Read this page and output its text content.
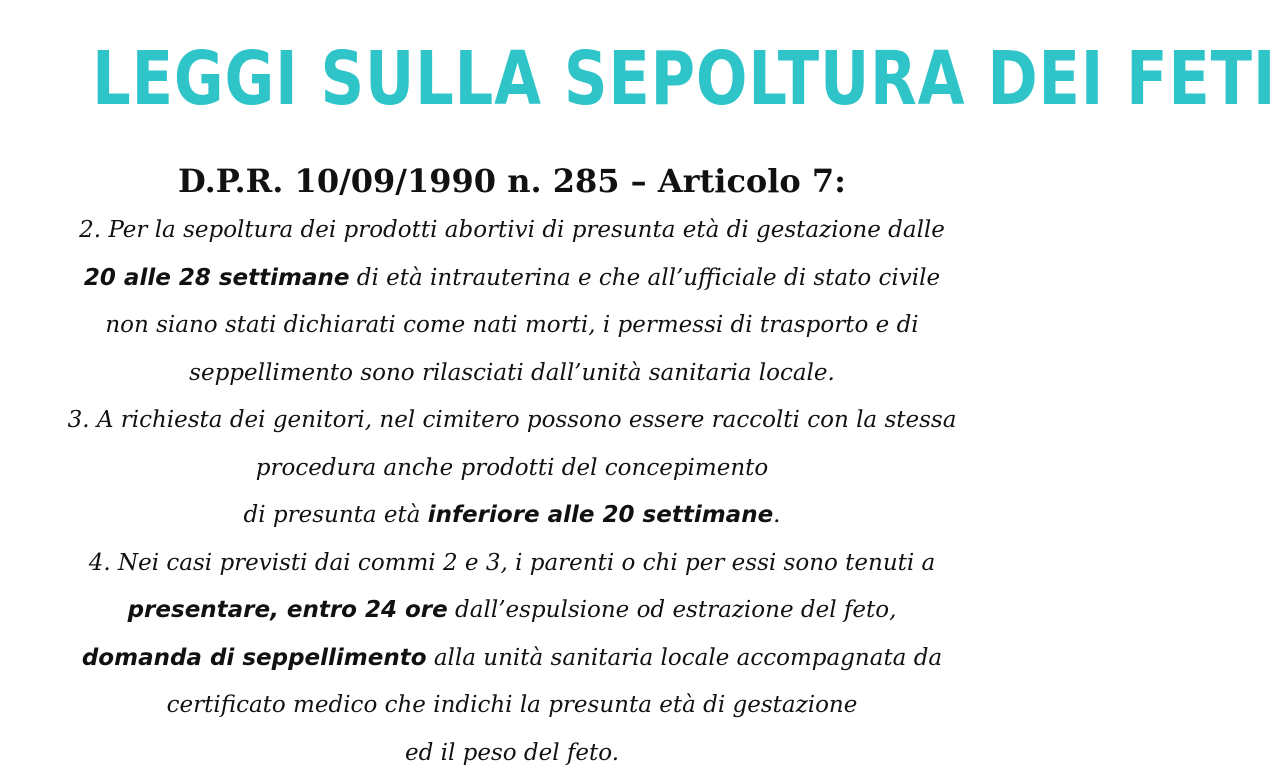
LEGGI SULLA SEPOLTURA DEI FETI
D.P.R. 10/09/1990 n. 285 – Articolo 7:
2. Per la sepoltura dei prodotti abortivi di presunta età di gestazione dalle
20 alle 28 settimane di età intrauterina e che all’ufficiale di stato civile
non siano stati dichiarati come nati morti, i permessi di trasporto e di
seppellimento sono rilasciati dall’unità sanitaria locale.
3. A richiesta dei genitori, nel cimitero possono essere raccolti con la stessa
procedura anche prodotti del concepimento
di presunta età inferiore alle 20 settimane.
4. Nei casi previsti dai commi 2 e 3, i parenti o chi per essi sono tenuti a
presentare, entro 24 ore dall’espulsione od estrazione del feto,
domanda di seppellimento alla unità sanitaria locale accompagnata da
certificato medico che indichi la presunta età di gestazione
ed il peso del feto.
